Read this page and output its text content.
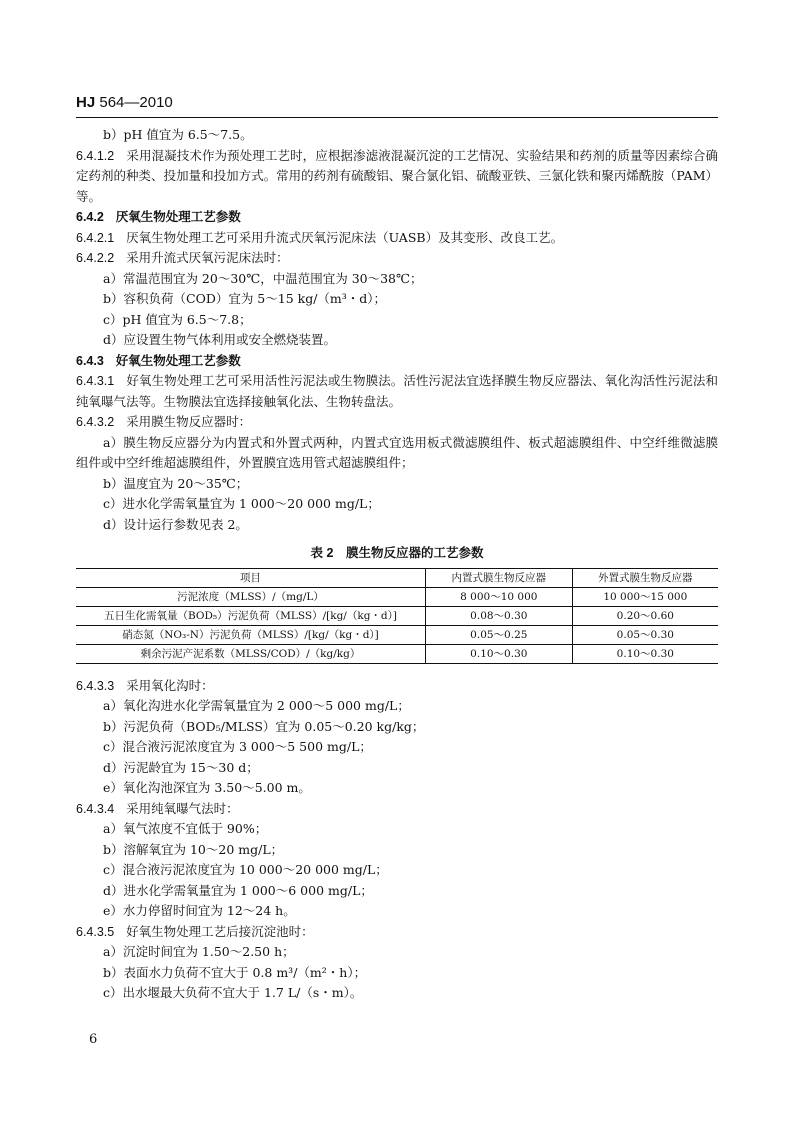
HJ 564—2010

b）pH 值宜为 6.5～7.5。

6.4.1.2 采用混凝技术作为预处理工艺时，应根据渗滤液混凝沉淀的工艺情况、实验结果和药剂的质量等因素综合确定药剂的种类、投加量和投加方式。常用的药剂有硫酸铝、聚合氯化铝、硫酸亚铁、三氯化铁和聚丙烯酰胺（PAM）等。

6.4.2 厌氧生物处理工艺参数

6.4.2.1 厌氧生物处理工艺可采用升流式厌氧污泥床法（UASB）及其变形、改良工艺。

6.4.2.2 采用升流式厌氧污泥床法时：

a）常温范围宜为 20～30℃，中温范围宜为 30～38℃；

b）容积负荷（COD）宜为 5～15 kg/（m³・d）；

c）pH 值宜为 6.5～7.8；

d）应设置生物气体利用或安全燃烧装置。

6.4.3 好氧生物处理工艺参数

6.4.3.1 好氧生物处理工艺可采用活性污泥法或生物膜法。活性污泥法宜选择膜生物反应器法、氧化沟活性污泥法和纯氧曝气法等。生物膜法宜选择接触氧化法、生物转盘法。

6.4.3.2 采用膜生物反应器时：

a）膜生物反应器分为内置式和外置式两种，内置式宜选用板式微滤膜组件、板式超滤膜组件、中空纤维微滤膜组件或中空纤维超滤膜组件，外置膜宜选用管式超滤膜组件；

b）温度宜为 20～35℃；

c）进水化学需氧量宜为 1 000～20 000 mg/L；

d）设计运行参数见表 2。

表 2　膜生物反应器的工艺参数
项目	内置式膜生物反应器	外置式膜生物反应器
污泥浓度（MLSS）/（mg/L）	8 000～10 000	10 000～15 000
五日生化需氧量（BOD₅）污泥负荷（MLSS）/[kg/（kg・d）]	0.08～0.30	0.20～0.60
硝态氮（NO₃-N）污泥负荷（MLSS）/[kg/（kg・d）]	0.05～0.25	0.05～0.30
剩余污泥产泥系数（MLSS/COD）/（kg/kg）	0.10～0.30	0.10～0.30

6.4.3.3 采用氧化沟时：

a）氧化沟进水化学需氧量宜为 2 000～5 000 mg/L；

b）污泥负荷（BOD₅/MLSS）宜为 0.05～0.20 kg/kg；

c）混合液污泥浓度宜为 3 000～5 500 mg/L；

d）污泥龄宜为 15～30 d；

e）氧化沟池深宜为 3.50～5.00 m。

6.4.3.4 采用纯氧曝气法时：

a）氧气浓度不宜低于 90%；

b）溶解氧宜为 10～20 mg/L；

c）混合液污泥浓度宜为 10 000～20 000 mg/L；

d）进水化学需氧量宜为 1 000～6 000 mg/L；

e）水力停留时间宜为 12～24 h。

6.4.3.5 好氧生物处理工艺后接沉淀池时：

a）沉淀时间宜为 1.50～2.50 h；

b）表面水力负荷不宜大于 0.8 m³/（m²・h）；

c）出水堰最大负荷不宜大于 1.7 L/（s・m）。

6
